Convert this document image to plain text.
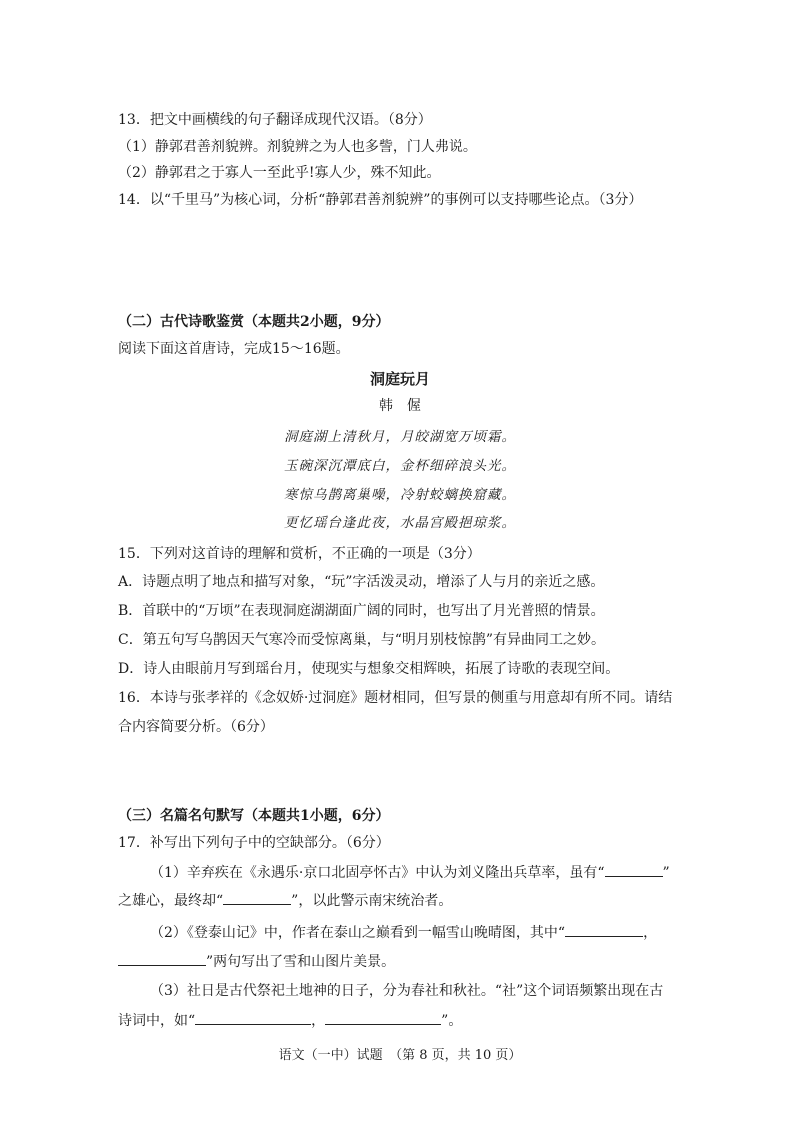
13．把文中画横线的句子翻译成现代汉语。（8分）
（1）静郭君善剂貌辨。剂貌辨之为人也多訾，门人弗说。
（2）静郭君之于寡人一至此乎!寡人少，殊不知此。
14．以“千里马”为核心词，分析“静郭君善剂貌辨”的事例可以支持哪些论点。（3分）
（二）古代诗歌鉴赏（本题共2小题，9分）
阅读下面这首唐诗，完成15～16题。
洞庭玩月
韩　偓
洞庭湖上清秋月，月皎湖宽万顷霜。
玉碗深沉潭底白，金杯细碎浪头光。
寒惊乌鹊离巢噪，冷射蛟螭换窟藏。
更忆瑶台逢此夜，水晶宫殿挹琼浆。
15．下列对这首诗的理解和赏析，不正确的一项是（3分）
A．诗题点明了地点和描写对象，“玩”字活泼灵动，增添了人与月的亲近之感。
B．首联中的“万顷”在表现洞庭湖湖面广阔的同时，也写出了月光普照的情景。
C．第五句写乌鹊因天气寒冷而受惊离巢，与“明月别枝惊鹊”有异曲同工之妙。
D．诗人由眼前月写到瑶台月，使现实与想象交相辉映，拓展了诗歌的表现空间。
16．本诗与张孝祥的《念奴娇·过洞庭》题材相同，但写景的侧重与用意却有所不同。请结
合内容简要分析。（6分）
（三）名篇名句默写（本题共1小题，6分）
17．补写出下列句子中的空缺部分。（6分）
（1）辛弃疾在《永遇乐·京口北固亭怀古》中认为刘义隆出兵草率，虽有“	”
之雄心，最终却“	”，以此警示南宋统治者。
（2）《登泰山记》中，作者在泰山之巅看到一幅雪山晚晴图，其中“	，
”两句写出了雪和山图片美景。
（3）社日是古代祭祀土地神的日子，分为春社和秋社。“社”这个词语频繁出现在古
诗词中，如“	，	”。
语文（一中）试题　（第 8 页，共 10 页）
